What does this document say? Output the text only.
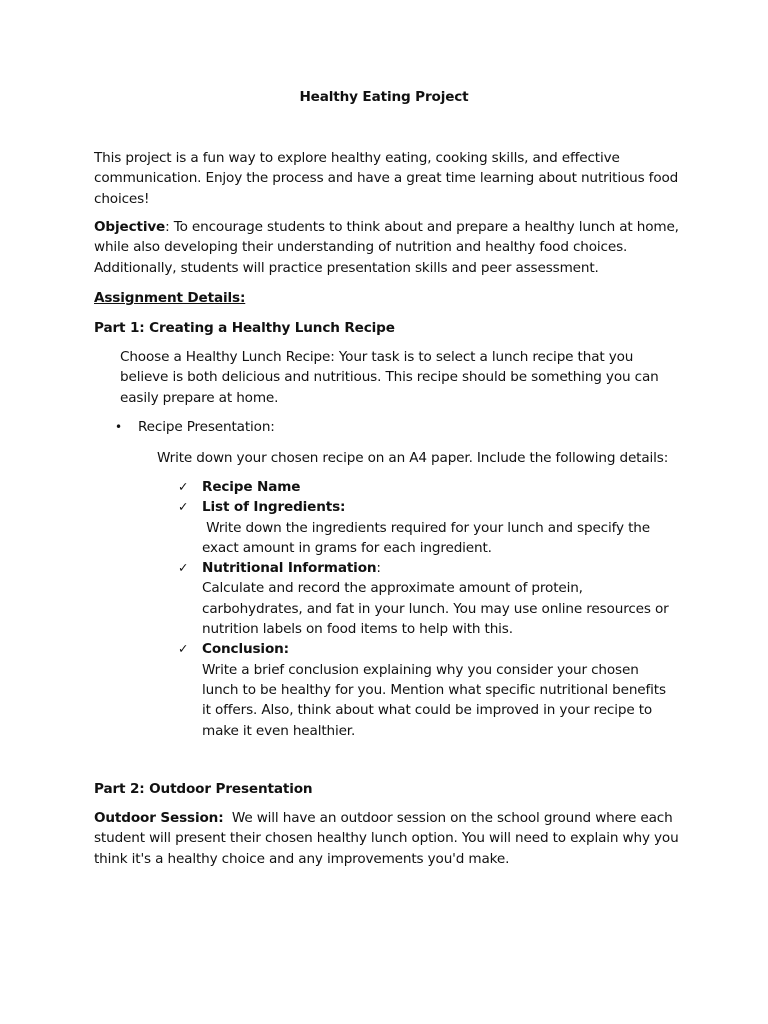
Healthy Eating Project
This project is a fun way to explore healthy eating, cooking skills, and effective communication. Enjoy the process and have a great time learning about nutritious food choices!
Objective: To encourage students to think about and prepare a healthy lunch at home, while also developing their understanding of nutrition and healthy food choices. Additionally, students will practice presentation skills and peer assessment.
Assignment Details:
Part 1: Creating a Healthy Lunch Recipe
Choose a Healthy Lunch Recipe: Your task is to select a lunch recipe that you believe is both delicious and nutritious. This recipe should be something you can easily prepare at home.
• Recipe Presentation:
Write down your chosen recipe on an A4 paper. Include the following details:
✓ Recipe Name
✓ List of Ingredients:
Write down the ingredients required for your lunch and specify the exact amount in grams for each ingredient.
✓ Nutritional Information:
Calculate and record the approximate amount of protein, carbohydrates, and fat in your lunch. You may use online resources or nutrition labels on food items to help with this.
✓ Conclusion:
Write a brief conclusion explaining why you consider your chosen lunch to be healthy for you. Mention what specific nutritional benefits it offers. Also, think about what could be improved in your recipe to make it even healthier.
Part 2: Outdoor Presentation
Outdoor Session:  We will have an outdoor session on the school ground where each student will present their chosen healthy lunch option. You will need to explain why you think it's a healthy choice and any improvements you'd make.
